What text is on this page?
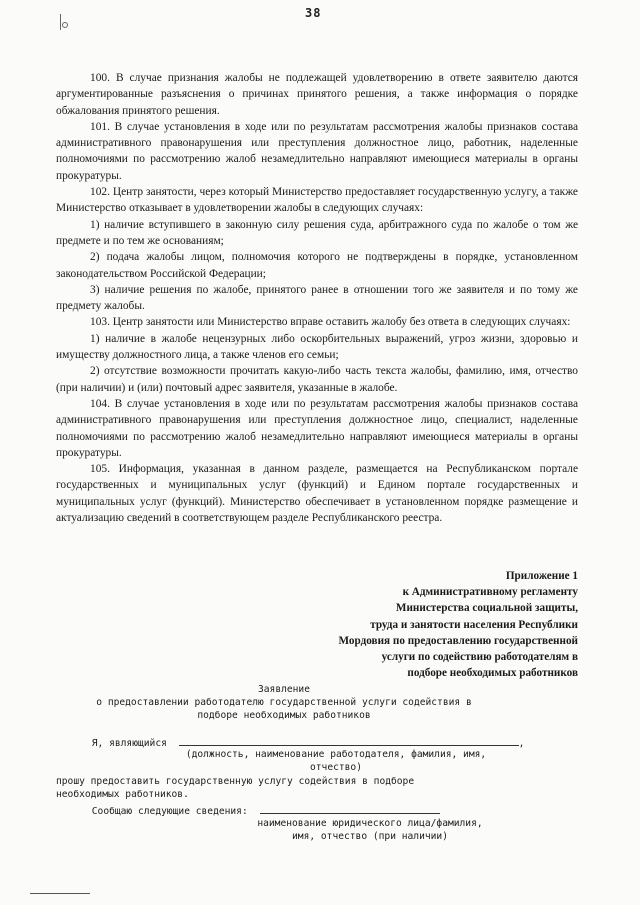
38

100. В случае признания жалобы не подлежащей удовлетворению в ответе заявителю даются аргументированные разъяснения о причинах принятого решения, а также информация о порядке обжалования принятого решения.

101. В случае установления в ходе или по результатам рассмотрения жалобы признаков состава административного правонарушения или преступления должностное лицо, работник, наделенные полномочиями по рассмотрению жалоб незамедлительно направляют имеющиеся материалы в органы прокуратуры.

102. Центр занятости, через который Министерство предоставляет государственную услугу, а также Министерство отказывает в удовлетворении жалобы в следующих случаях:

1) наличие вступившего в законную силу решения суда, арбитражного суда по жалобе о том же предмете и по тем же основаниям;

2) подача жалобы лицом, полномочия которого не подтверждены в порядке, установленном законодательством Российской Федерации;

3) наличие решения по жалобе, принятого ранее в отношении того же заявителя и по тому же предмету жалобы.

103. Центр занятости или Министерство вправе оставить жалобу без ответа в следующих случаях:

1) наличие в жалобе нецензурных либо оскорбительных выражений, угроз жизни, здоровью и имуществу должностного лица, а также членов его семьи;

2) отсутствие возможности прочитать какую-либо часть текста жалобы, фамилию, имя, отчество (при наличии) и (или) почтовый адрес заявителя, указанные в жалобе.

104. В случае установления в ходе или по результатам рассмотрения жалобы признаков состава административного правонарушения или преступления должностное лицо, специалист, наделенные полномочиями по рассмотрению жалоб незамедлительно направляют имеющиеся материалы в органы прокуратуры.

105. Информация, указанная в данном разделе, размещается на Республиканском портале государственных и муниципальных услуг (функций) и Едином портале государственных и муниципальных услуг (функций). Министерство обеспечивает в установленном порядке размещение и актуализацию сведений в соответствующем разделе Республиканского реестра.

Приложение 1
к Административному регламенту
Министерства социальной защиты,
труда и занятости населения Республики
Мордовия по предоставлению государственной
услуги по содействию работодателям в
подборе необходимых работников
Заявление
о предоставлении работодателю государственной услуги содействия в
подборе необходимых работников
Я, являющийся	,
(должность, наименование работодателя, фамилия, имя,
отчество)
прошу предоставить государственную услугу содействия в подборе
необходимых работников.
Сообщаю следующие сведения:
наименование юридического лица/фамилия,
имя, отчество (при наличии)
